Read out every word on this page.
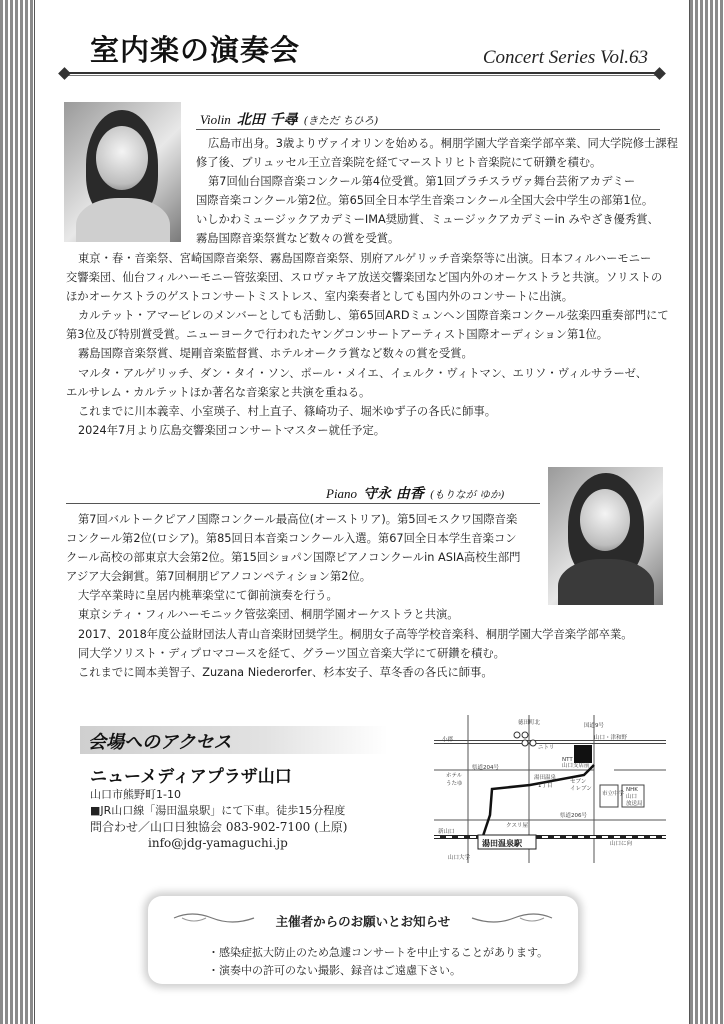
室内楽の演奏会	Concert Series Vol.63
Violin 北田 千尋 (きただ ちひろ)

広島市出身。3歳よりヴァイオリンを始める。桐朋学園大学音楽学部卒業、同大学院修士課程

修了後、ブリュッセル王立音楽院を経てマーストリヒト音楽院にて研鑽を積む。

第7回仙台国際音楽コンクール第4位受賞。第1回ブラチスラヴァ舞台芸術アカデミー

国際音楽コンクール第2位。第65回全日本学生音楽コンクール全国大会中学生の部第1位。

いしかわミュージックアカデミーIMA奨励賞、ミュージックアカデミーin みやざき優秀賞、

霧島国際音楽祭賞など数々の賞を受賞。

東京・春・音楽祭、宮崎国際音楽祭、霧島国際音楽祭、別府アルゲリッチ音楽祭等に出演。日本フィルハーモニー

交響楽団、仙台フィルハーモニー管弦楽団、スロヴァキア放送交響楽団など国内外のオーケストラと共演。ソリストの

ほかオーケストラのゲストコンサートミストレス、室内楽奏者としても国内外のコンサートに出演。

カルテット・アマービレのメンバーとしても活動し、第65回ARDミュンヘン国際音楽コンクール弦楽四重奏部門にて

第3位及び特別賞受賞。ニューヨークで行われたヤングコンサートアーティスト国際オーディション第1位。

霧島国際音楽祭賞、堤剛音楽監督賞、ホテルオークラ賞など数々の賞を受賞。

マルタ・アルゲリッチ、ダン・タイ・ソン、ポール・メイエ、イェルク・ヴィトマン、エリソ・ヴィルサラーゼ、

エルサレム・カルテットほか著名な音楽家と共演を重ねる。

これまでに川本義幸、小室瑛子、村上直子、篠崎功子、堀米ゆず子の各氏に師事。

2024年7月より広島交響楽団コンサートマスター就任予定。

Piano 守永 由香 (もりなが ゆか)

第7回バルトークピアノ国際コンクール最高位(オーストリア)。第5回モスクワ国際音楽

コンクール第2位(ロシア)。第85回日本音楽コンクール入選。第67回全日本学生音楽コン

クール高校の部東京大会第2位。第15回ショパン国際ピアノコンクールin ASIA高校生部門

アジア大会銅賞。第7回桐朋ピアノコンペティション第2位。

大学卒業時に皇居内桃華楽堂にて御前演奏を行う。

東京シティ・フィルハーモニック管弦楽団、桐朋学園オーケストラと共演。

2017、2018年度公益財団法人青山音楽財団奨学生。桐朋女子高等学校音楽科、桐朋学園大学音楽学部卒業。

同大学ソリスト・ディプロマコースを経て、グラーツ国立音楽大学にて研鑽を積む。

これまでに岡本美智子、Zuzana Niederorfer、杉本安子、草冬香の各氏に師事。

会場へのアクセス
ニューメディアプラザ山口
山口市熊野町1-10
■JR山口線「湯田温泉駅」にて下車。徒歩15分程度
問合わせ／山口日独協会 083-902-7100 (上原)
info@jdg-yamaguchi.jp
徳田町北	国道9号
小郡	山口・津和野
ニトリ
NTT
山口支店前
県道204号
ホテル
うたゆ
湯田温泉
1丁目
セブン
イレブン
市立中学
NHK
山口
放送局
県道206号
クスリ屋
新山口
山口に向
山口大学
湯田温泉駅
主催者からのお願いとお知らせ
・感染症拡大防止のため急遽コンサートを中止することがあります。
・演奏中の許可のない撮影、録音はご遠慮下さい。
